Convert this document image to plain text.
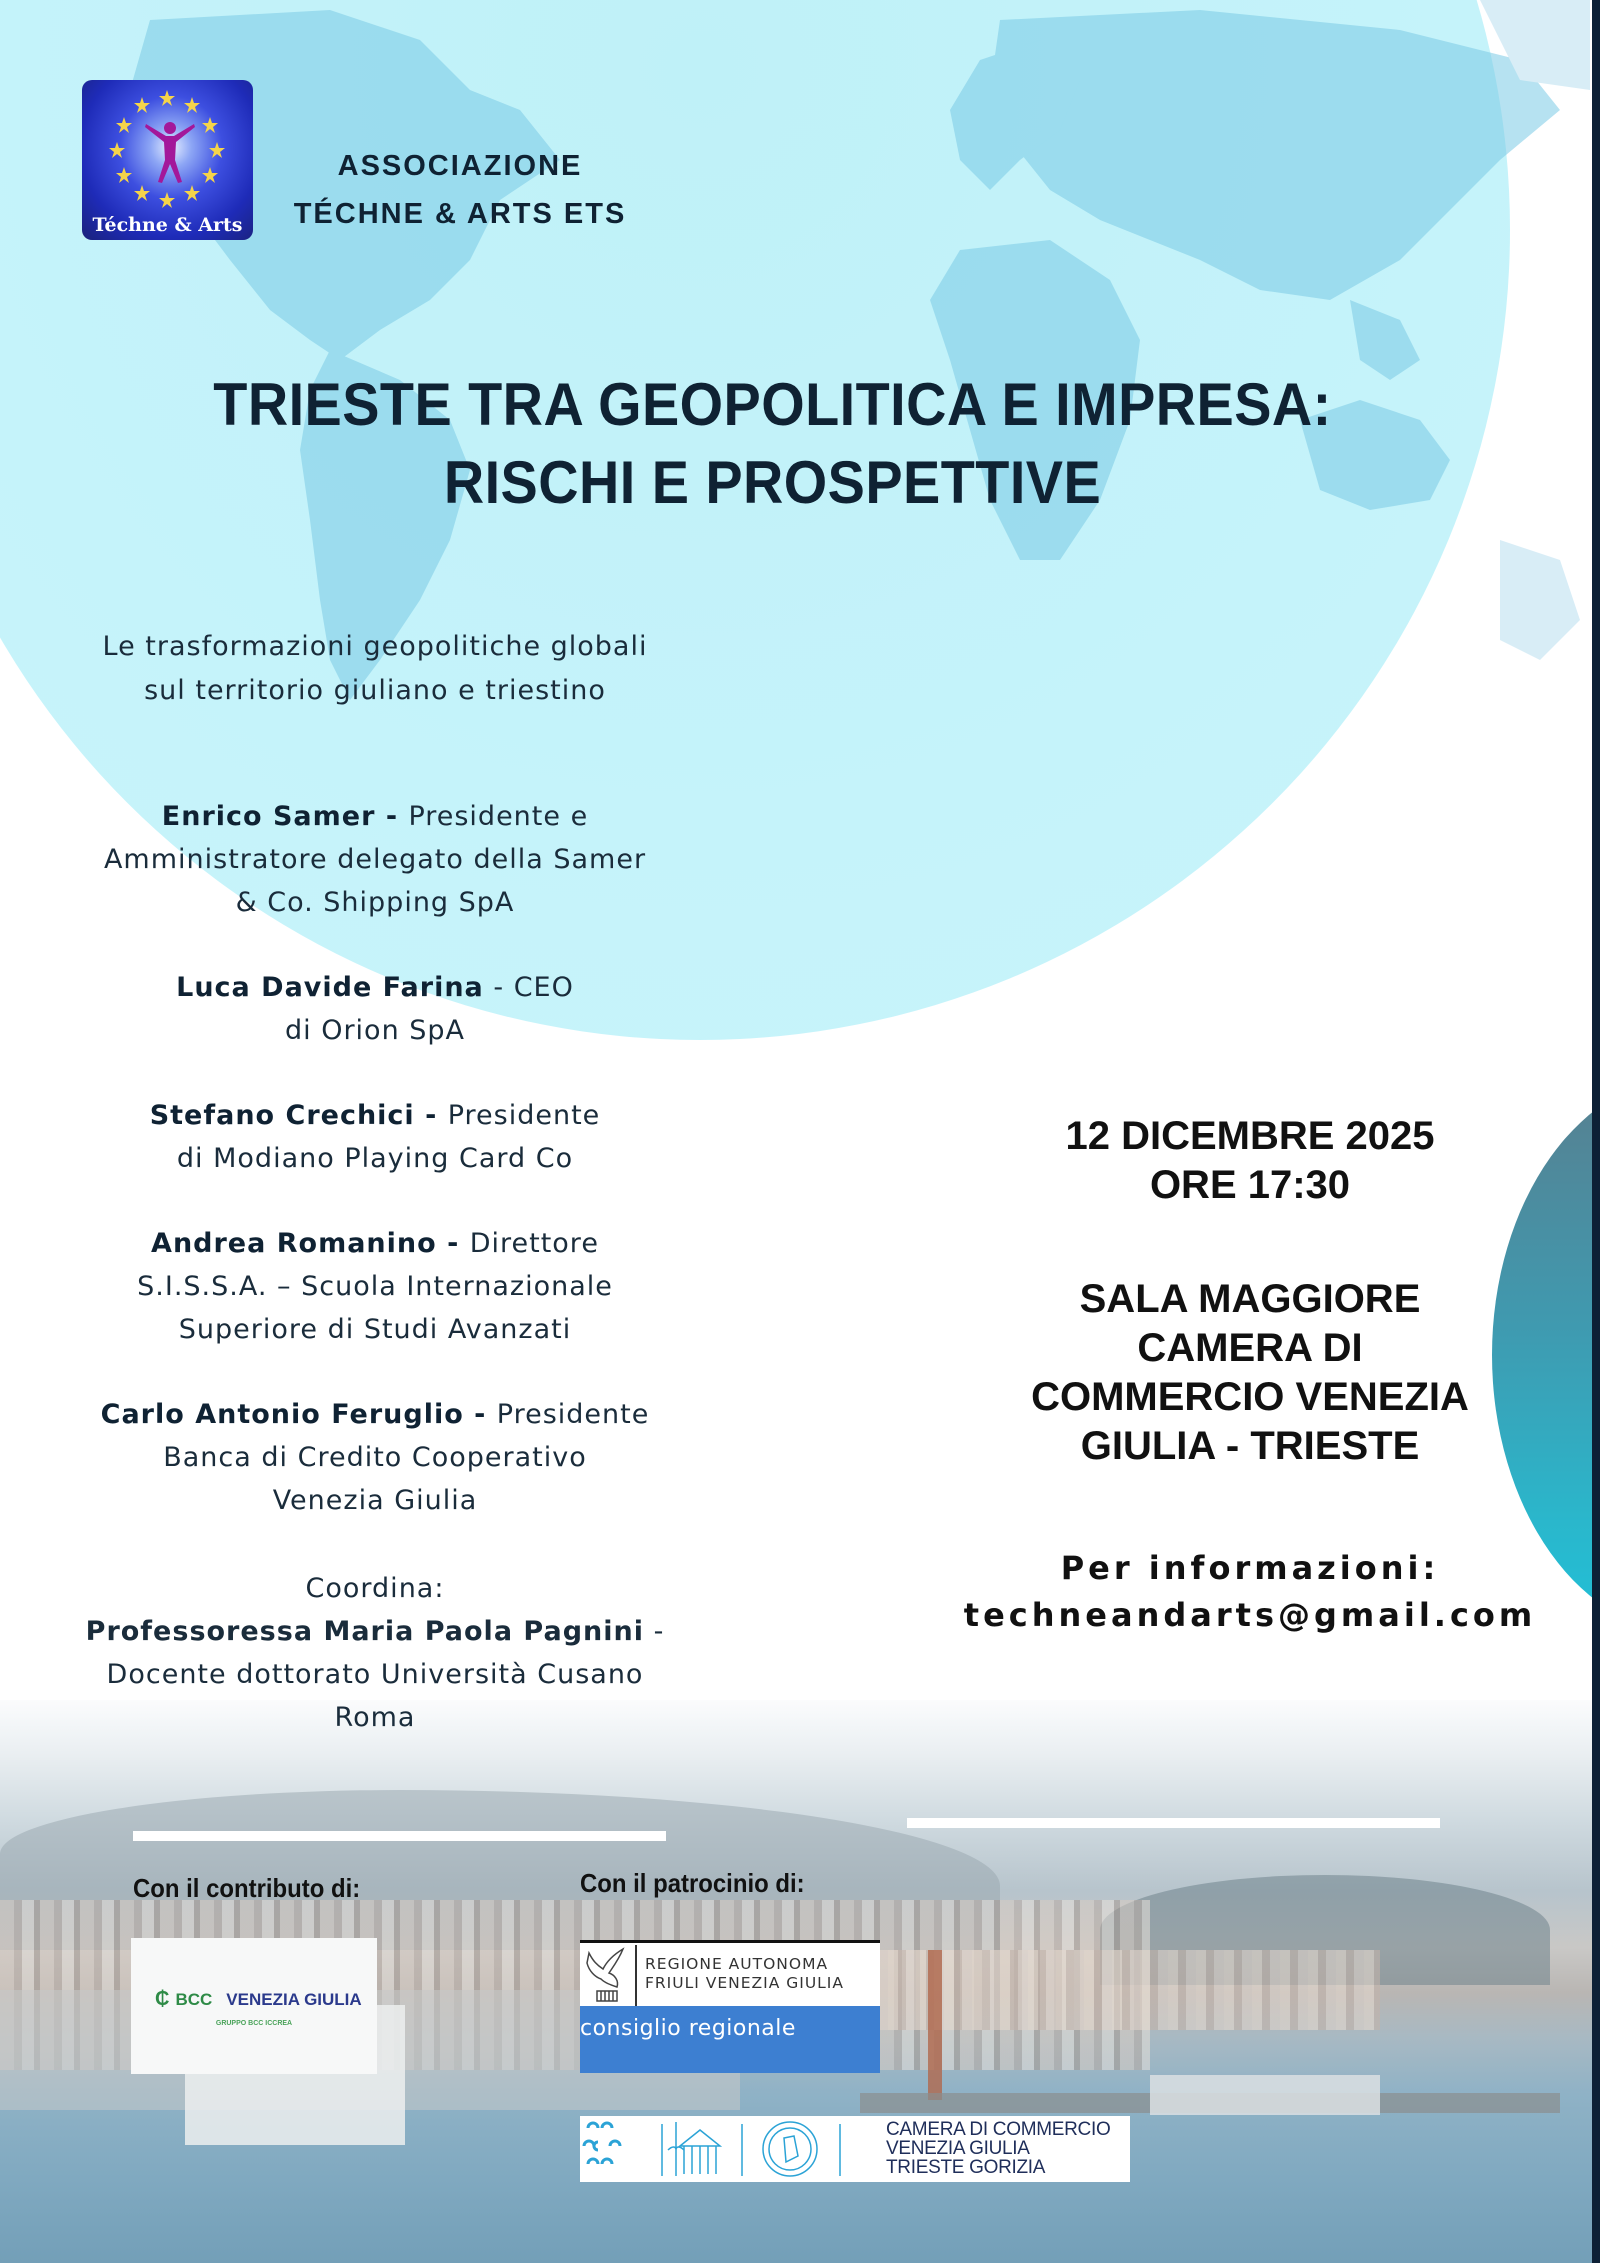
Téchne & Arts
ASSOCIAZIONE
TÉCHNE & ARTS ETS
TRIESTE TRA GEOPOLITICA E IMPRESA:
RISCHI E PROSPETTIVE
Le trasformazioni geopolitiche globali
sul territorio giuliano e triestino
Enrico Samer - Presidente e
Amministratore delegato della Samer
& Co. Shipping SpA
Luca Davide Farina - CEO
di Orion SpA
Stefano Crechici - Presidente
di Modiano Playing Card Co
Andrea Romanino - Direttore
S.I.S.S.A. – Scuola Internazionale
Superiore di Studi Avanzati
Carlo Antonio Feruglio - Presidente
Banca di Credito Cooperativo
Venezia Giulia
Coordina:
Professoressa Maria Paola Pagnini -
Docente dottorato Università Cusano
Roma
12 DICEMBRE 2025
ORE 17:30
SALA MAGGIORE
CAMERA DI
COMMERCIO VENEZIA
GIULIA - TRIESTE
Per informazioni:
techneandarts@gmail.com
Con il contributo di:	Con il patrocinio di:
₵ BCC VENEZIA GIULIA
GRUPPO BCC ICCREA
REGIONE AUTONOMA
FRIULI VENEZIA GIULIA
consiglio regionale
CAMERA DI COMMERCIO
VENEZIA GIULIA
TRIESTE GORIZIA
